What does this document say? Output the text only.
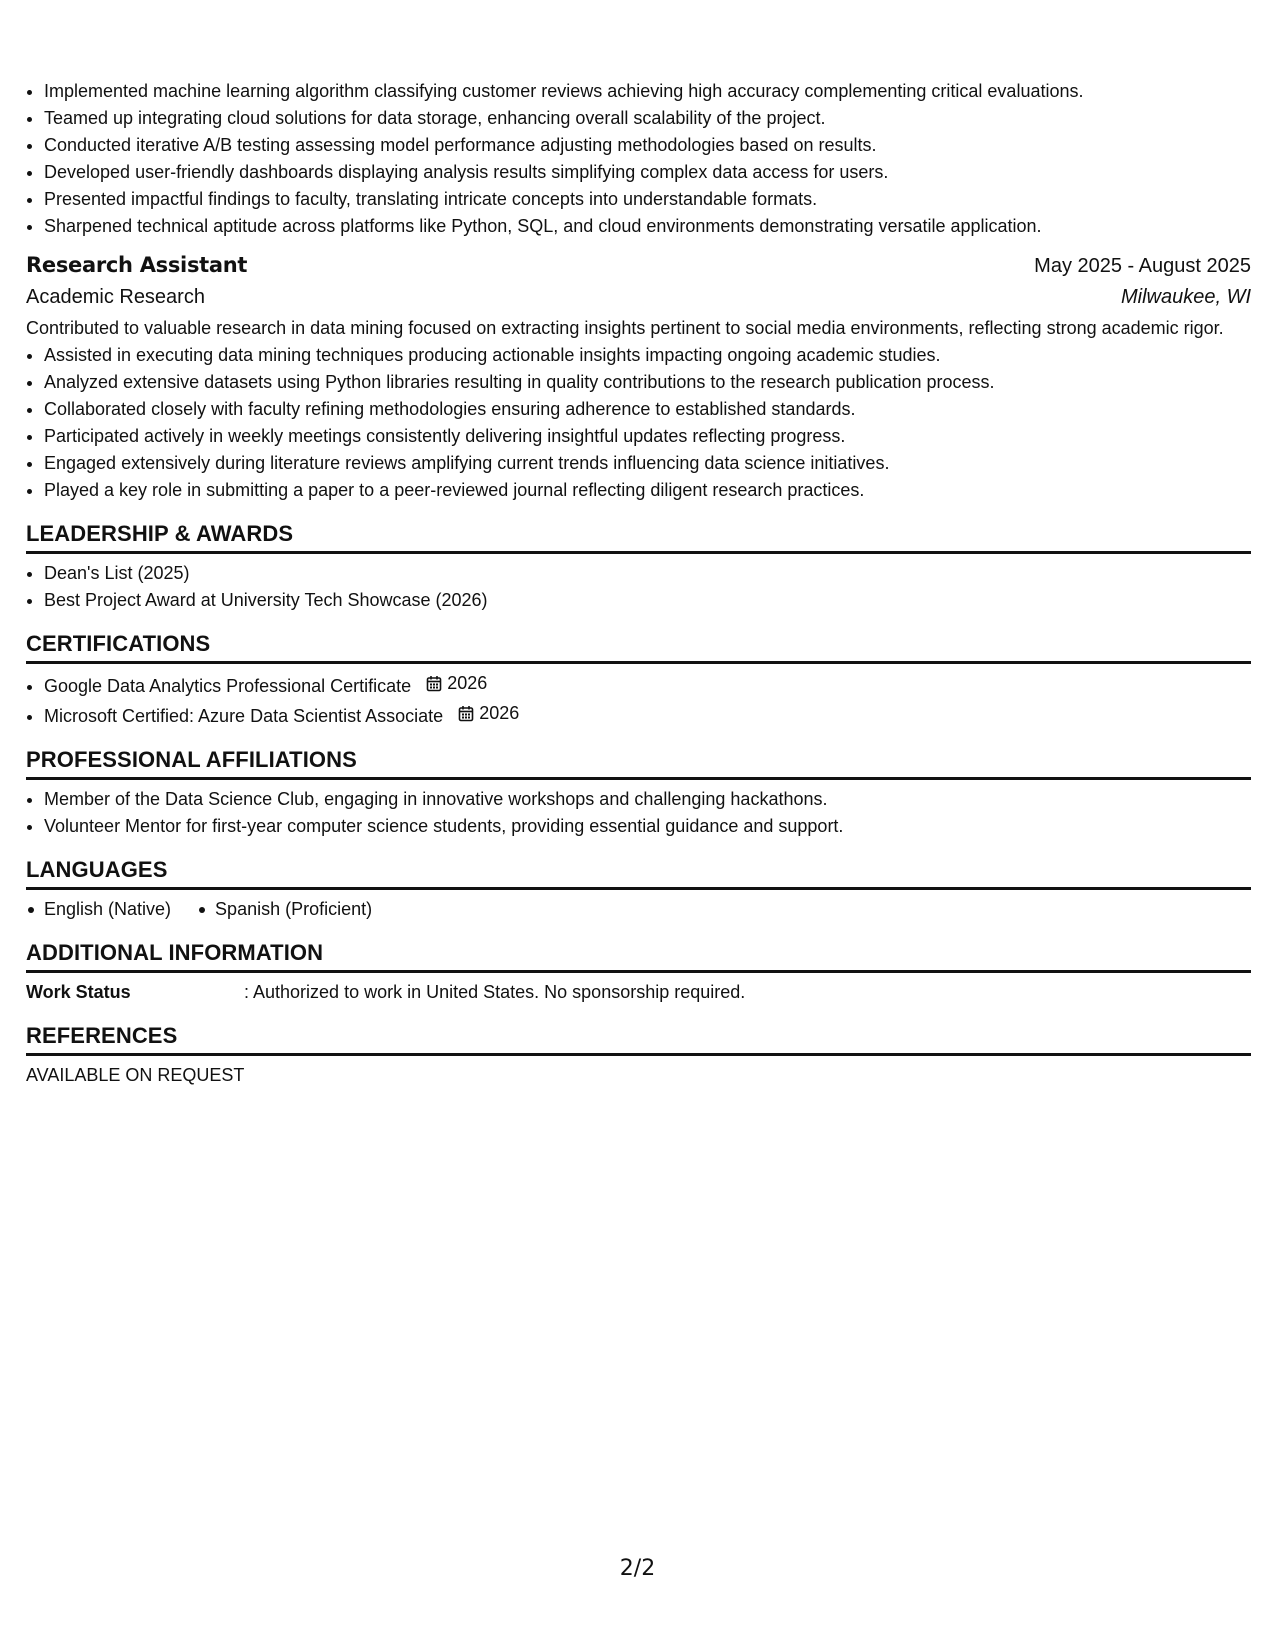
• Implemented machine learning algorithm classifying customer reviews achieving high accuracy complementing critical evaluations.
• Teamed up integrating cloud solutions for data storage, enhancing overall scalability of the project.
• Conducted iterative A/B testing assessing model performance adjusting methodologies based on results.
• Developed user-friendly dashboards displaying analysis results simplifying complex data access for users.
• Presented impactful findings to faculty, translating intricate concepts into understandable formats.
• Sharpened technical aptitude across platforms like Python, SQL, and cloud environments demonstrating versatile application.
Research Assistant	May 2025 - August 2025
Academic Research	Milwaukee, WI
Contributed to valuable research in data mining focused on extracting insights pertinent to social media environments, reflecting strong academic rigor.
• Assisted in executing data mining techniques producing actionable insights impacting ongoing academic studies.
• Analyzed extensive datasets using Python libraries resulting in quality contributions to the research publication process.
• Collaborated closely with faculty refining methodologies ensuring adherence to established standards.
• Participated actively in weekly meetings consistently delivering insightful updates reflecting progress.
• Engaged extensively during literature reviews amplifying current trends influencing data science initiatives.
• Played a key role in submitting a paper to a peer-reviewed journal reflecting diligent research practices.
LEADERSHIP & AWARDS
• Dean's List (2025)
• Best Project Award at University Tech Showcase (2026)
CERTIFICATIONS
• Google Data Analytics Professional Certificate 2026
• Microsoft Certified: Azure Data Scientist Associate 2026
PROFESSIONAL AFFILIATIONS
• Member of the Data Science Club, engaging in innovative workshops and challenging hackathons.
• Volunteer Mentor for first-year computer science students, providing essential guidance and support.
LANGUAGES
English (Native)	Spanish (Proficient)
ADDITIONAL INFORMATION
Work Status	: Authorized to work in United States. No sponsorship required.
REFERENCES
AVAILABLE ON REQUEST
2/2
